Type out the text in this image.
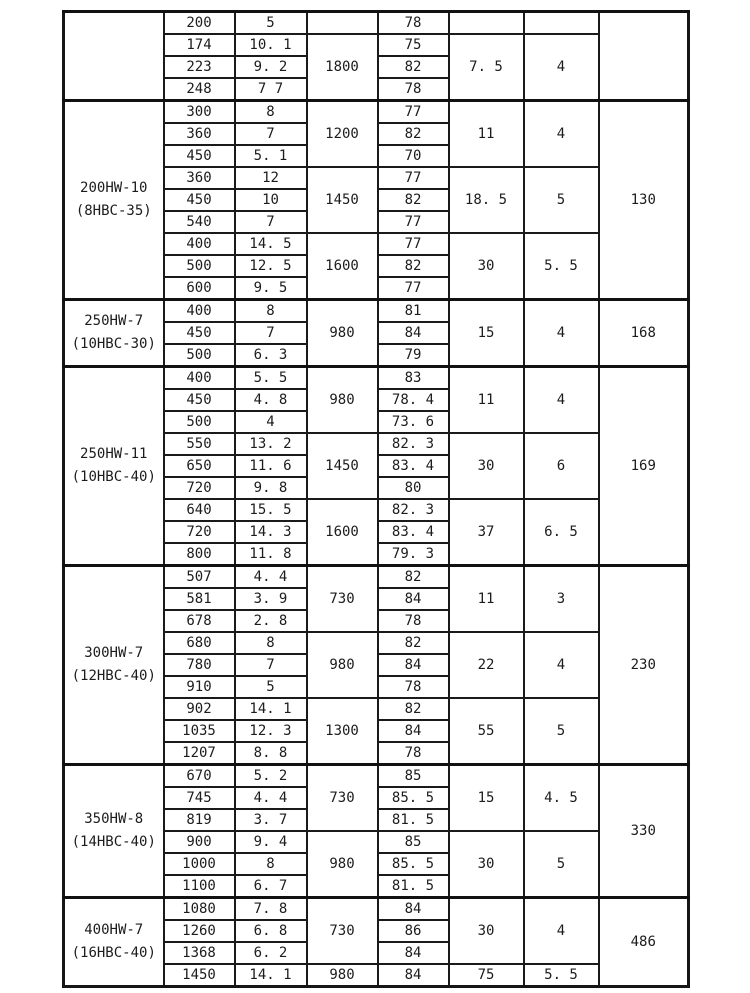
	200	5		78			
	174	10. 1	1800	75	7. 5	4	
	223	9. 2		82			
	248	7 7		78			

200HW-10
(8HBC-35)	300	8	1200	77	11	4	130
	360	7		82			
	450	5. 1		70			
	360	12	1450	77	18. 5	5	
	450	10		82			
	540	7		77			
	400	14. 5	1600	77	30	5. 5	
	500	12. 5		82			
	600	9. 5		77			

250HW-7
(10HBC-30)	400	8	980	81	15	4	168
	450	7		84			
	500	6. 3		79			

250HW-11
(10HBC-40)	400	5. 5	980	83	11	4	169
	450	4. 8		78. 4			
	500	4		73. 6			
	550	13. 2	1450	82. 3	30	6	
	650	11. 6		83. 4			
	720	9. 8		80			
	640	15. 5	1600	82. 3	37	6. 5	
	720	14. 3		83. 4			
	800	11. 8		79. 3			

300HW-7
(12HBC-40)	507	4. 4	730	82	11	3	230
	581	3. 9		84			
	678	2. 8		78			
	680	8	980	82	22	4	
	780	7		84			
	910	5		78			
	902	14. 1	1300	82	55	5	
	1035	12. 3		84			
	1207	8. 8		78			

350HW-8
(14HBC-40)	670	5. 2	730	85	15	4. 5	330
	745	4. 4		85. 5			
	819	3. 7		81. 5			
	900	9. 4	980	85	30	5	
	1000	8		85. 5			
	1100	6. 7		81. 5			

400HW-7
(16HBC-40)	1080	7. 8	730	84	30	4	486
	1260	6. 8		86			
	1368	6. 2		84			
	1450	14. 1	980	84	75	5. 5	
